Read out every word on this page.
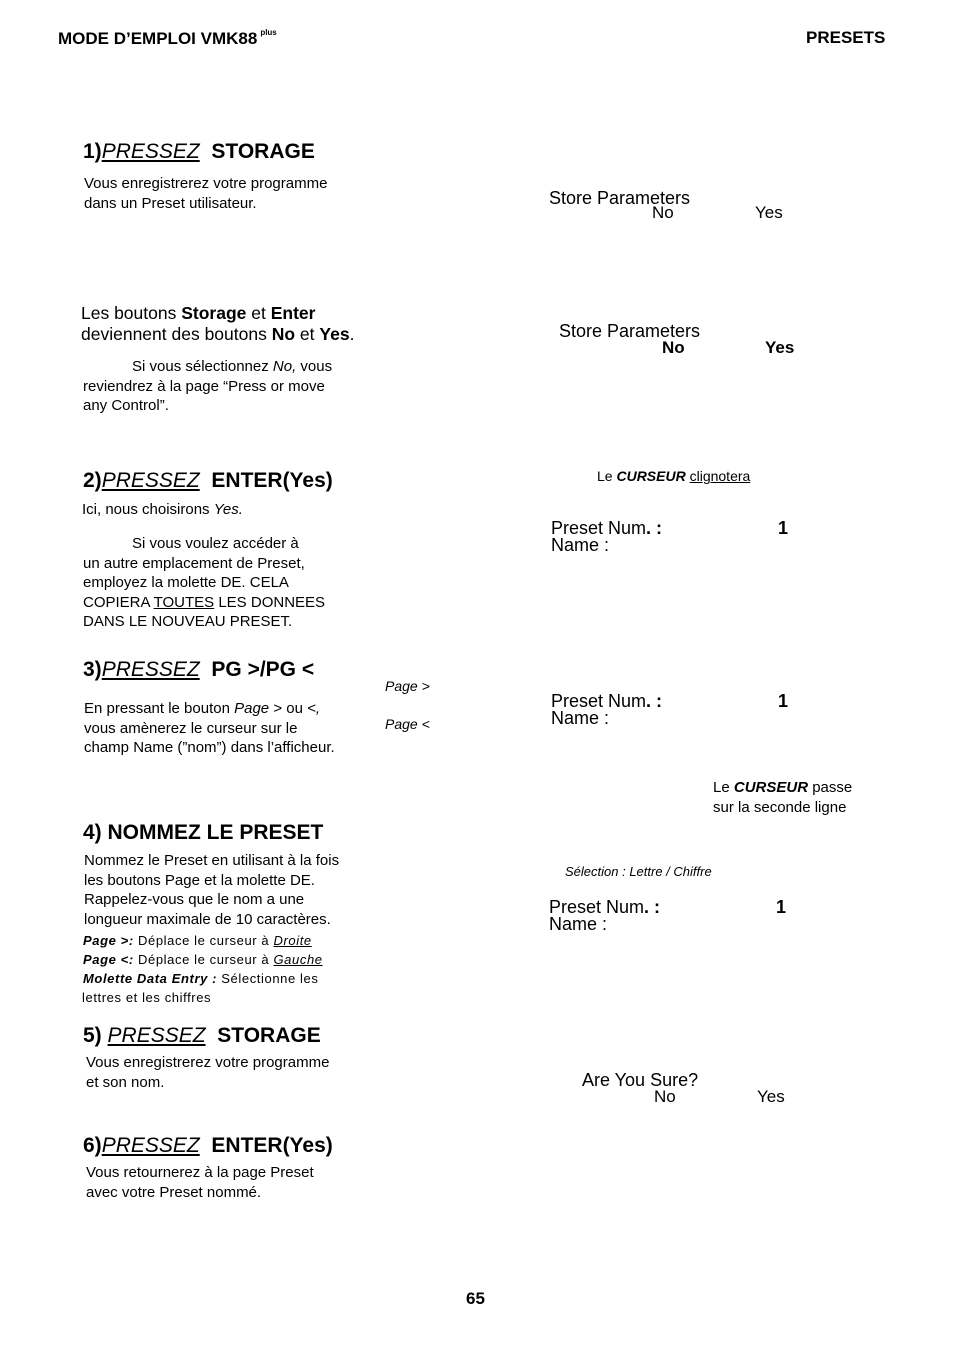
MODE D’EMPLOI VMK88 $^{plus}$	PRESETS
1)PRESSEZ STORAGE
Vous enregistrerez votre programme
dans un Preset utilisateur.	Store Parameters
No	Yes
Les boutons Storage et Enter
deviennent des boutons No et Yes.	Store Parameters
No	Yes
Si vous sélectionnez No, vous
reviendrez à la page “Press or move
any Control”.
2)PRESSEZ ENTER(Yes)
Ici, nous choisirons Yes.
Si vous voulez accéder à
un autre emplacement de Preset,
employez la molette DE. CELA
COPIERA TOUTES LES DONNEES
DANS LE NOUVEAU PRESET.
Le CURSEUR clignotera
Preset Num. :	1
Name :
3)PRESSEZ PG >/PG <
Page >
Page <
En pressant le bouton Page > ou <,
vous amènerez le curseur sur le
champ Name (”nom”) dans l’afficheur.
Preset Num. :	1
Name :
Le CURSEUR passe
sur la seconde ligne
4) NOMMEZ LE PRESET
Nommez le Preset en utilisant à la fois
les boutons Page et la molette DE.
Rappelez-vous que le nom a une
longueur maximale de 10 caractères.
Page >: Déplace le curseur à Droite
Page <: Déplace le curseur à Gauche
Molette Data Entry : Sélectionne les
lettres et les chiffres
Sélection : Lettre / Chiffre
Preset Num. :	1
Name :
5) PRESSEZ STORAGE
Vous enregistrerez votre programme
et son nom.	Are You Sure?
No	Yes
6)PRESSEZ ENTER(Yes)
Vous retournerez à la page Preset
avec votre Preset nommé.
65
